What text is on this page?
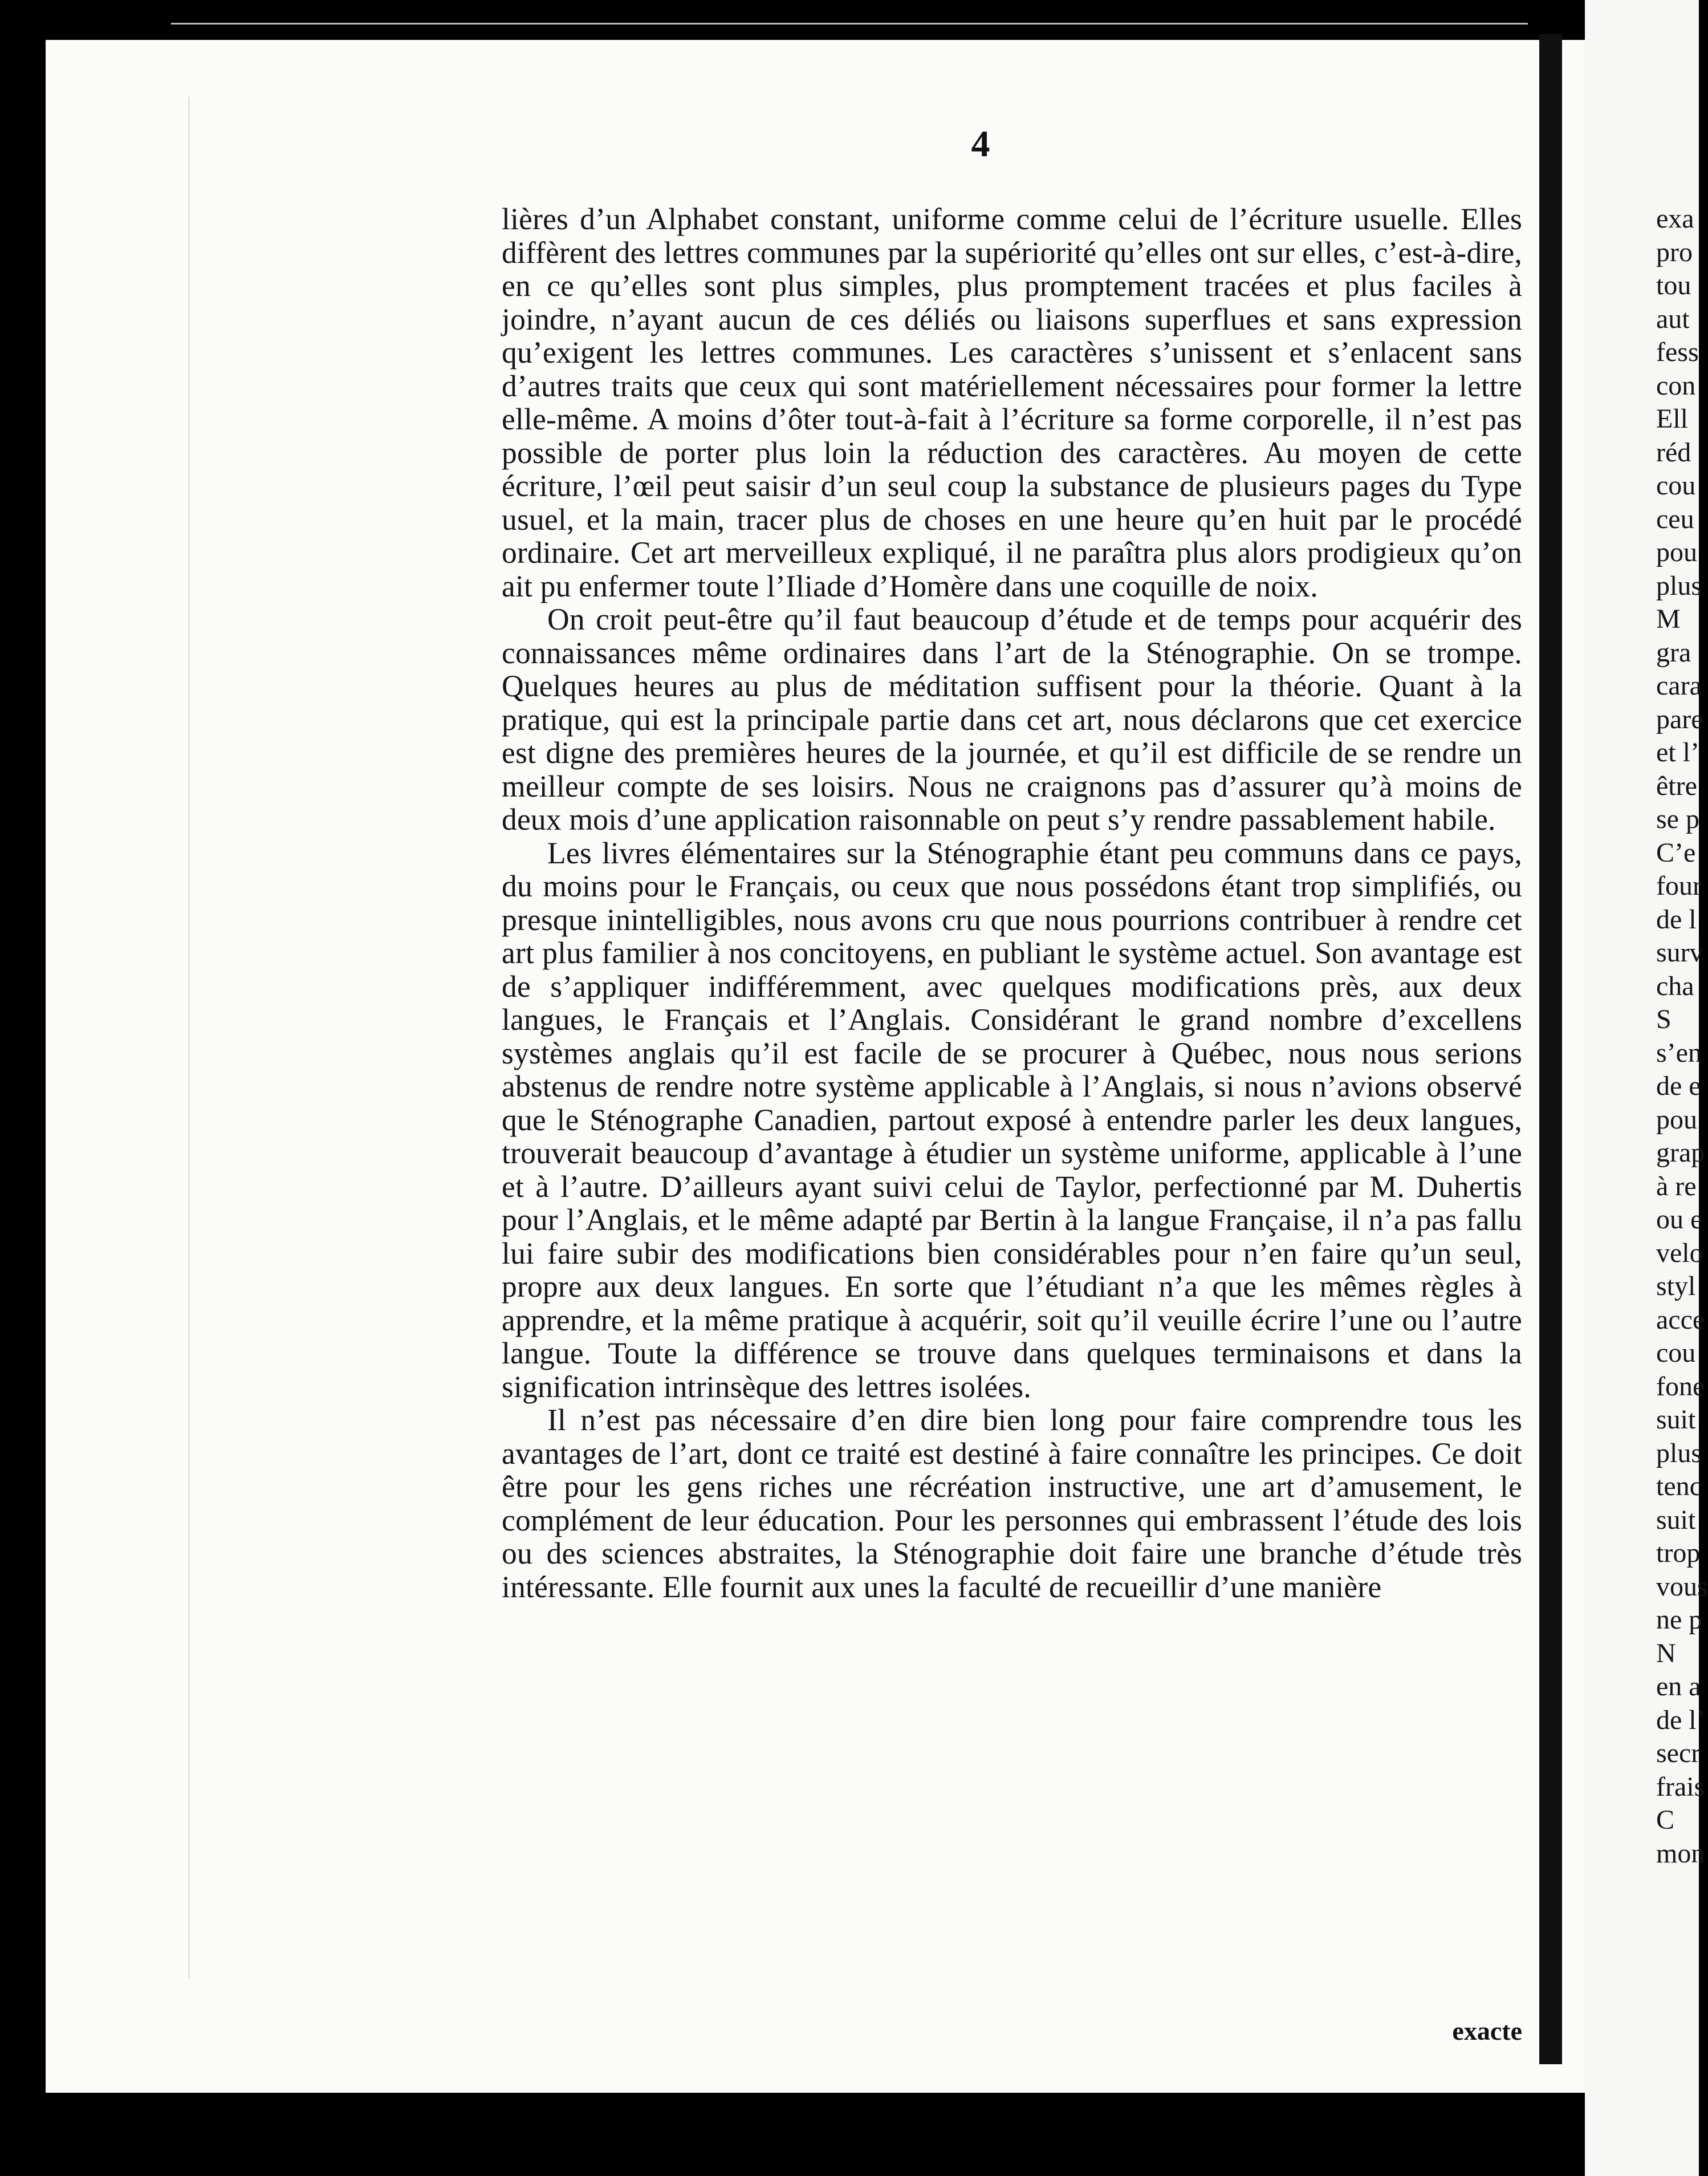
4

lières d’un Alphabet constant, uniforme comme celui de l’écriture usuelle. Elles diffèrent des lettres communes par la supériorité qu’elles ont sur elles, c’est-à-dire, en ce qu’elles sont plus simples, plus promptement tracées et plus faciles à joindre, n’ayant aucun de ces déliés ou liaisons superflues et sans expression qu’exigent les lettres communes. Les caractères s’unissent et s’enlacent sans d’autres traits que ceux qui sont matériellement nécessaires pour former la lettre elle-même. A moins d’ôter tout-à-fait à l’écriture sa forme corporelle, il n’est pas possible de porter plus loin la réduction des caractères. Au moyen de cette écriture, l’œil peut saisir d’un seul coup la substance de plusieurs pages du Type usuel, et la main, tracer plus de choses en une heure qu’en huit par le procédé ordinaire. Cet art merveilleux expliqué, il ne paraîtra plus alors prodigieux qu’on ait pu enfermer toute l’Iliade d’Homère dans une coquille de noix.

On croit peut-être qu’il faut beaucoup d’étude et de temps pour acquérir des connaissances même ordinaires dans l’art de la Sténographie. On se trompe. Quelques heures au plus de méditation suffisent pour la théorie. Quant à la pratique, qui est la principale partie dans cet art, nous déclarons que cet exercice est digne des premières heures de la journée, et qu’il est difficile de se rendre un meilleur compte de ses loisirs. Nous ne craignons pas d’assurer qu’à moins de deux mois d’une application raisonnable on peut s’y rendre passablement habile.

Les livres élémentaires sur la Sténographie étant peu communs dans ce pays, du moins pour le Français, ou ceux que nous possédons étant trop simplifiés, ou presque inintelligibles, nous avons cru que nous pourrions contribuer à rendre cet art plus familier à nos concitoyens, en publiant le système actuel. Son avantage est de s’appliquer indifféremment, avec quelques modifications près, aux deux langues, le Français et l’Anglais. Considérant le grand nombre d’excellens systèmes anglais qu’il est facile de se procurer à Québec, nous nous serions abstenus de rendre notre système applicable à l’Anglais, si nous n’avions observé que le Sténographe Canadien, partout exposé à entendre parler les deux langues, trouverait beaucoup d’avantage à étudier un système uniforme, applicable à l’une et à l’autre. D’ailleurs ayant suivi celui de Taylor, perfectionné par M. Duhertis pour l’Anglais, et le même adapté par Bertin à la langue Française, il n’a pas fallu lui faire subir des modifications bien considérables pour n’en faire qu’un seul, propre aux deux langues. En sorte que l’étudiant n’a que les mêmes règles à apprendre, et la même pratique à acquérir, soit qu’il veuille écrire l’une ou l’autre langue. Toute la différence se trouve dans quelques terminaisons et dans la signification intrinsèque des lettres isolées.

Il n’est pas nécessaire d’en dire bien long pour faire comprendre tous les avantages de l’art, dont ce traité est destiné à faire connaître les principes. Ce doit être pour les gens riches une récréation instructive, une art d’amusement, le complément de leur éducation. Pour les personnes qui embrassent l’étude des lois ou des sciences abstraites, la Sténographie doit faire une branche d’étude très intéressante. Elle fournit aux unes la faculté de recueillir d’une manière

exacte
exa
pro
tou
aut
fess
con
Ell
réd
cou
ceu
pou
plus
M
gra
cara
pare
et l’
être
se p
C’e
four
de l
surv
cha
S
s’en
de e
pou
grap
à re
ou e
velo
styl
acce
cou
fone
suit
plus
tenc
suit
trop
vous
ne p
N
en a
de l’
secr
frais
C
mon
